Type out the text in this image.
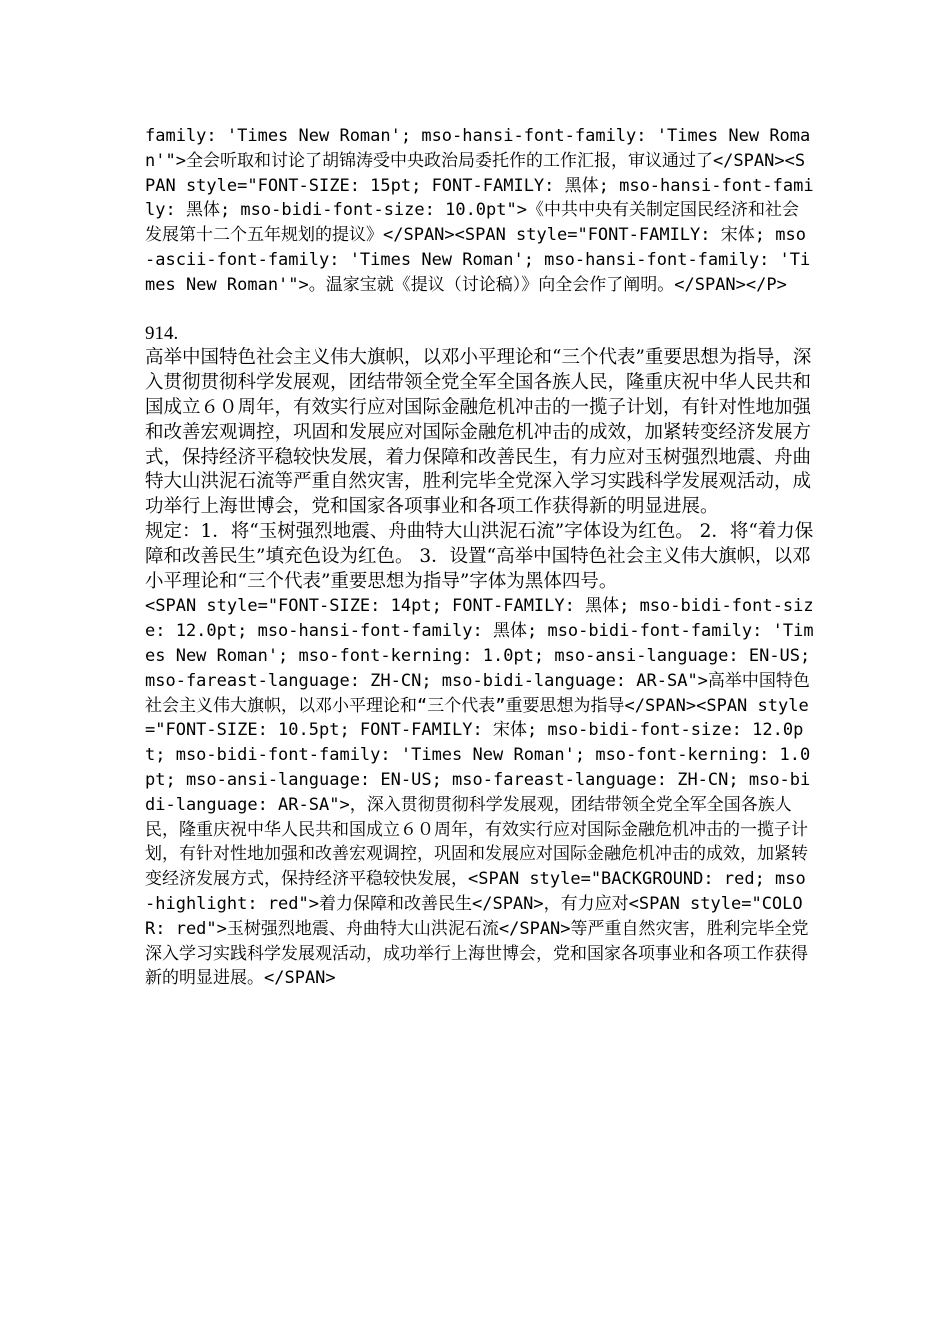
family: 'Times New Roman'; mso-hansi-font-family: 'Times New Roman'">全会听取和讨论了胡锦涛受中央政治局委托作的工作汇报，审议通过了</SPAN><SPAN style="FONT-SIZE: 15pt; FONT-FAMILY: 黑体; mso-hansi-font-family: 黑体; mso-bidi-font-size: 10.0pt">《中共中央有关制定国民经济和社会发展第十二个五年规划的提议》</SPAN><SPAN style="FONT-FAMILY: 宋体; mso-ascii-font-family: 'Times New Roman'; mso-hansi-font-family: 'Times New Roman'">。温家宝就《提议（讨论稿）》向全会作了阐明。</SPAN></P>

914.

高举中国特色社会主义伟大旗帜，以邓小平理论和“三个代表”重要思想为指导，深入贯彻贯彻科学发展观，团结带领全党全军全国各族人民，隆重庆祝中华人民共和国成立６０周年，有效实行应对国际金融危机冲击的一揽子计划，有针对性地加强和改善宏观调控，巩固和发展应对国际金融危机冲击的成效，加紧转变经济发展方式，保持经济平稳较快发展，着力保障和改善民生，有力应对玉树强烈地震、舟曲特大山洪泥石流等严重自然灾害，胜利完毕全党深入学习实践科学发展观活动，成功举行上海世博会，党和国家各项事业和各项工作获得新的明显进展。

规定：1．将“玉树强烈地震、舟曲特大山洪泥石流”字体设为红色。 2．将“着力保障和改善民生”填充色设为红色。 3．设置“高举中国特色社会主义伟大旗帜，以邓小平理论和“三个代表”重要思想为指导”字体为黑体四号。

<SPAN style="FONT-SIZE: 14pt; FONT-FAMILY: 黑体; mso-bidi-font-size: 12.0pt; mso-hansi-font-family: 黑体; mso-bidi-font-family: 'Times New Roman'; mso-font-kerning: 1.0pt; mso-ansi-language: EN-US; mso-fareast-language: ZH-CN; mso-bidi-language: AR-SA">高举中国特色社会主义伟大旗帜，以邓小平理论和“三个代表”重要思想为指导</SPAN><SPAN style="FONT-SIZE: 10.5pt; FONT-FAMILY: 宋体; mso-bidi-font-size: 12.0pt; mso-bidi-font-family: 'Times New Roman'; mso-font-kerning: 1.0pt; mso-ansi-language: EN-US; mso-fareast-language: ZH-CN; mso-bidi-language: AR-SA">，深入贯彻贯彻科学发展观，团结带领全党全军全国各族人民，隆重庆祝中华人民共和国成立６０周年，有效实行应对国际金融危机冲击的一揽子计划，有针对性地加强和改善宏观调控，巩固和发展应对国际金融危机冲击的成效，加紧转变经济发展方式，保持经济平稳较快发展，<SPAN style="BACKGROUND: red; mso-highlight: red">着力保障和改善民生</SPAN>，有力应对<SPAN style="COLOR: red">玉树强烈地震、舟曲特大山洪泥石流</SPAN>等严重自然灾害，胜利完毕全党深入学习实践科学发展观活动，成功举行上海世博会，党和国家各项事业和各项工作获得新的明显进展。</SPAN>
